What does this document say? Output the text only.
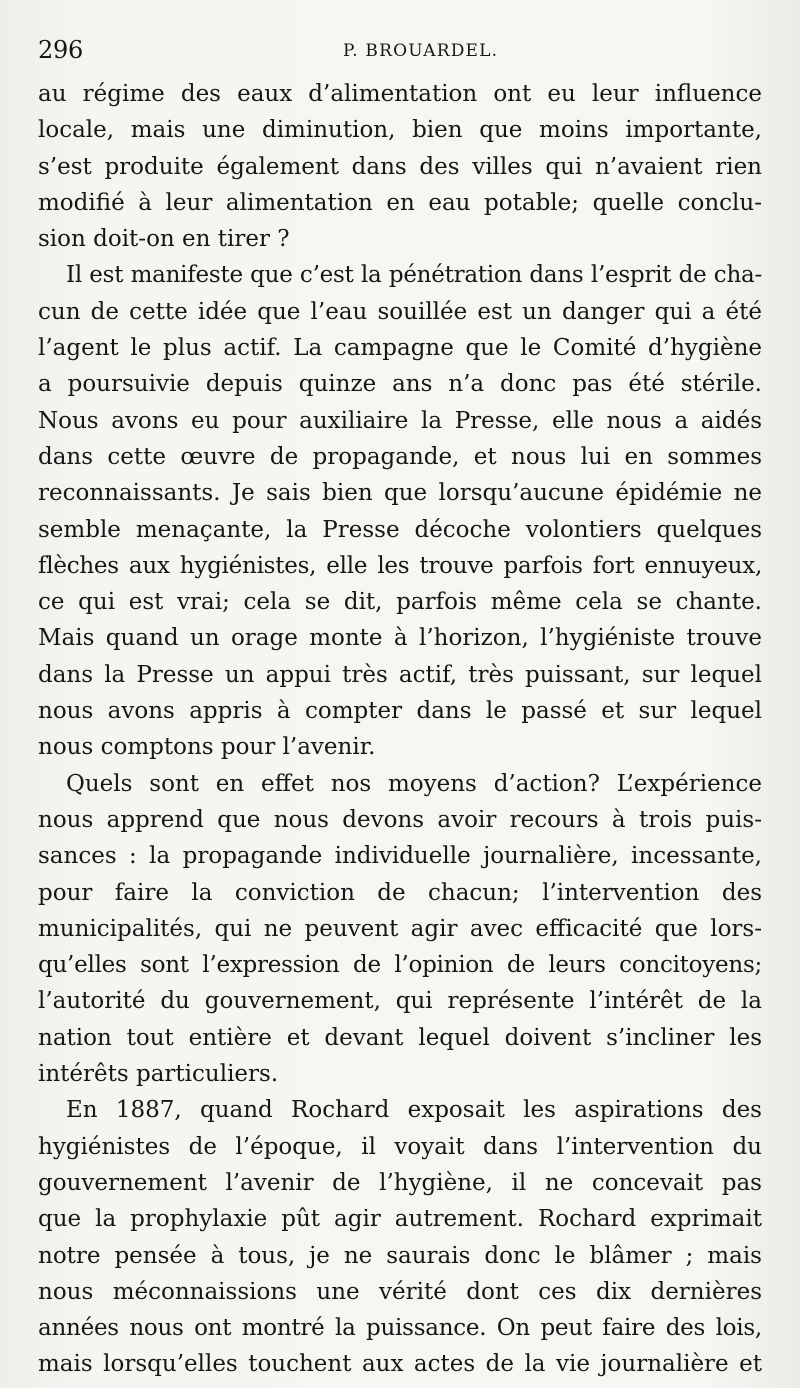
296	P. BROUARDEL.
au régime des eaux d’alimentation ont eu leur influence
locale, mais une diminution, bien que moins importante,
s’est produite également dans des villes qui n’avaient rien
modifié à leur alimentation en eau potable; quelle conclu-
sion doit-on en tirer ?
Il est manifeste que c’est la pénétration dans l’esprit de cha-
cun de cette idée que l’eau souillée est un danger qui a été
l’agent le plus actif. La campagne que le Comité d’hygiène
a poursuivie depuis quinze ans n’a donc pas été stérile.
Nous avons eu pour auxiliaire la Presse, elle nous a aidés
dans cette œuvre de propagande, et nous lui en sommes
reconnaissants. Je sais bien que lorsqu’aucune épidémie ne
semble menaçante, la Presse décoche volontiers quelques
flèches aux hygiénistes, elle les trouve parfois fort ennuyeux,
ce qui est vrai; cela se dit, parfois même cela se chante.
Mais quand un orage monte à l’horizon, l’hygiéniste trouve
dans la Presse un appui très actif, très puissant, sur lequel
nous avons appris à compter dans le passé et sur lequel
nous comptons pour l’avenir.
Quels sont en effet nos moyens d’action? L’expérience
nous apprend que nous devons avoir recours à trois puis-
sances : la propagande individuelle journalière, incessante,
pour faire la conviction de chacun; l’intervention des
municipalités, qui ne peuvent agir avec efficacité que lors-
qu’elles sont l’expression de l’opinion de leurs concitoyens;
l’autorité du gouvernement, qui représente l’intérêt de la
nation tout entière et devant lequel doivent s’incliner les
intérêts particuliers.
En 1887, quand Rochard exposait les aspirations des
hygiénistes de l’époque, il voyait dans l’intervention du
gouvernement l’avenir de l’hygiène, il ne concevait pas
que la prophylaxie pût agir autrement. Rochard exprimait
notre pensée à tous, je ne saurais donc le blâmer ; mais
nous méconnaissions une vérité dont ces dix dernières
années nous ont montré la puissance. On peut faire des lois,
mais lorsqu’elles touchent aux actes de la vie journalière et
